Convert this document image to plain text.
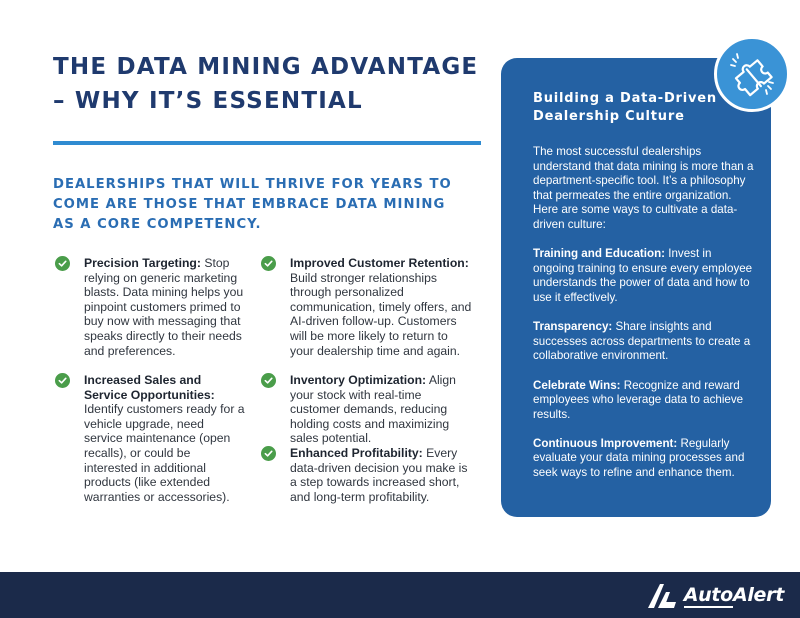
THE DATA MINING ADVANTAGE – WHY IT’S ESSENTIAL
DEALERSHIPS THAT WILL THRIVE FOR YEARS TO COME ARE THOSE THAT EMBRACE DATA MINING AS A CORE COMPETENCY.
Precision Targeting: Stop relying on generic marketing blasts. Data mining helps you pinpoint customers primed to buy now with messaging that speaks directly to their needs and preferences.
Increased Sales and Service Opportunities: Identify customers ready for a vehicle upgrade, need service maintenance (open recalls), or could be interested in additional products (like extended warranties or accessories).
Improved Customer Retention: Build stronger relationships through personalized communication, timely offers, and AI-driven follow-up. Customers will be more likely to return to your dealership time and again.
Inventory Optimization: Align your stock with real-time customer demands, reducing holding costs and maximizing sales potential.
Enhanced Profitability: Every data-driven decision you make is a step towards increased short, and long-term profitability.
Building a Data-Driven Dealership Culture

The most successful dealerships understand that data mining is more than a department-specific tool. It’s a philosophy that permeates the entire organization. Here are some ways to cultivate a data-driven culture:

Training and Education: Invest in ongoing training to ensure every employee understands the power of data and how to use it effectively.

Transparency: Share insights and successes across departments to create a collaborative environment.

Celebrate Wins: Recognize and reward employees who leverage data to achieve results.

Continuous Improvement: Regularly evaluate your data mining processes and seek ways to refine and enhance them.

AutoAlert
